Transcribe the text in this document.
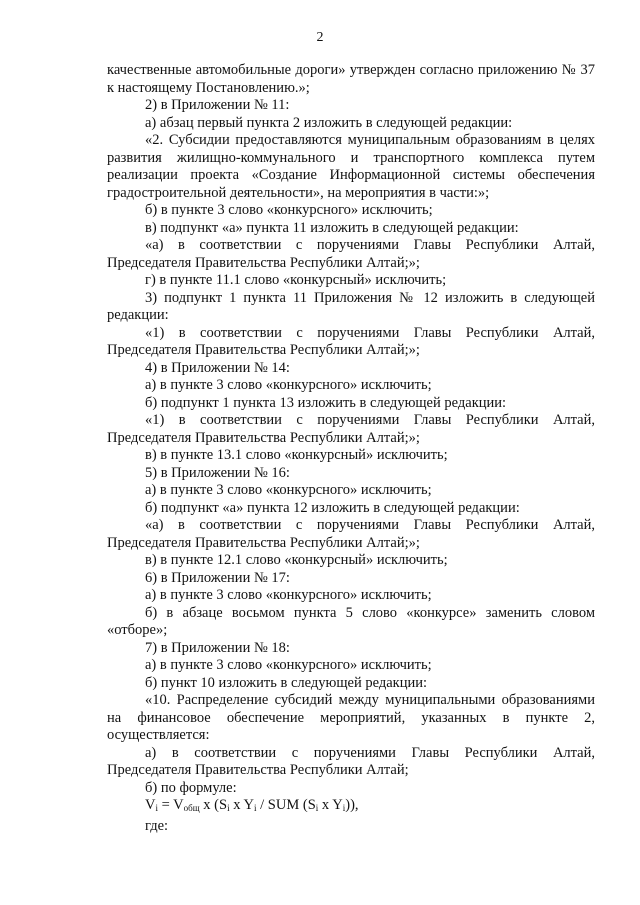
2

качественные автомобильные дороги» утвержден согласно приложению № 37 к настоящему Постановлению.»;

2) в Приложении № 11:

а) абзац первый пункта 2 изложить в следующей редакции:

«2. Субсидии предоставляются муниципальным образованиям в целях развития жилищно-коммунального и транспортного комплекса путем реализации проекта «Создание Информационной системы обеспечения градостроительной деятельности», на мероприятия в части:»;

б) в пункте 3 слово «конкурсного» исключить;

в) подпункт «а» пункта 11 изложить в следующей редакции:

«а) в соответствии с поручениями Главы Республики Алтай, Председателя Правительства Республики Алтай;»;

г) в пункте 11.1 слово «конкурсный» исключить;

3) подпункт 1 пункта 11 Приложения № 12 изложить в следующей редакции:

«1) в соответствии с поручениями Главы Республики Алтай, Председателя Правительства Республики Алтай;»;

4) в Приложении № 14:

а) в пункте 3 слово «конкурсного» исключить;

б) подпункт 1 пункта 13 изложить в следующей редакции:

«1) в соответствии с поручениями Главы Республики Алтай, Председателя Правительства Республики Алтай;»;

в) в пункте 13.1 слово «конкурсный» исключить;

5) в Приложении № 16:

а) в пункте 3 слово «конкурсного» исключить;

б) подпункт «а» пункта 12 изложить в следующей редакции:

«а) в соответствии с поручениями Главы Республики Алтай, Председателя Правительства Республики Алтай;»;

в) в пункте 12.1 слово «конкурсный» исключить;

6) в Приложении № 17:

а) в пункте 3 слово «конкурсного» исключить;

б) в абзаце восьмом пункта 5 слово «конкурсе» заменить словом «отборе»;

7) в Приложении № 18:

а) в пункте 3 слово «конкурсного» исключить;

б) пункт 10 изложить в следующей редакции:

«10. Распределение субсидий между муниципальными образованиями на финансовое обеспечение мероприятий, указанных в пункте 2, осуществляется:

а) в соответствии с поручениями Главы Республики Алтай, Председателя Правительства Республики Алтай;

б) по формуле:

$V_i = V_{общ}$ x ($S_i$ x $Y_i$ / SUM ($S_i$ x $Y_i$)),

где:
